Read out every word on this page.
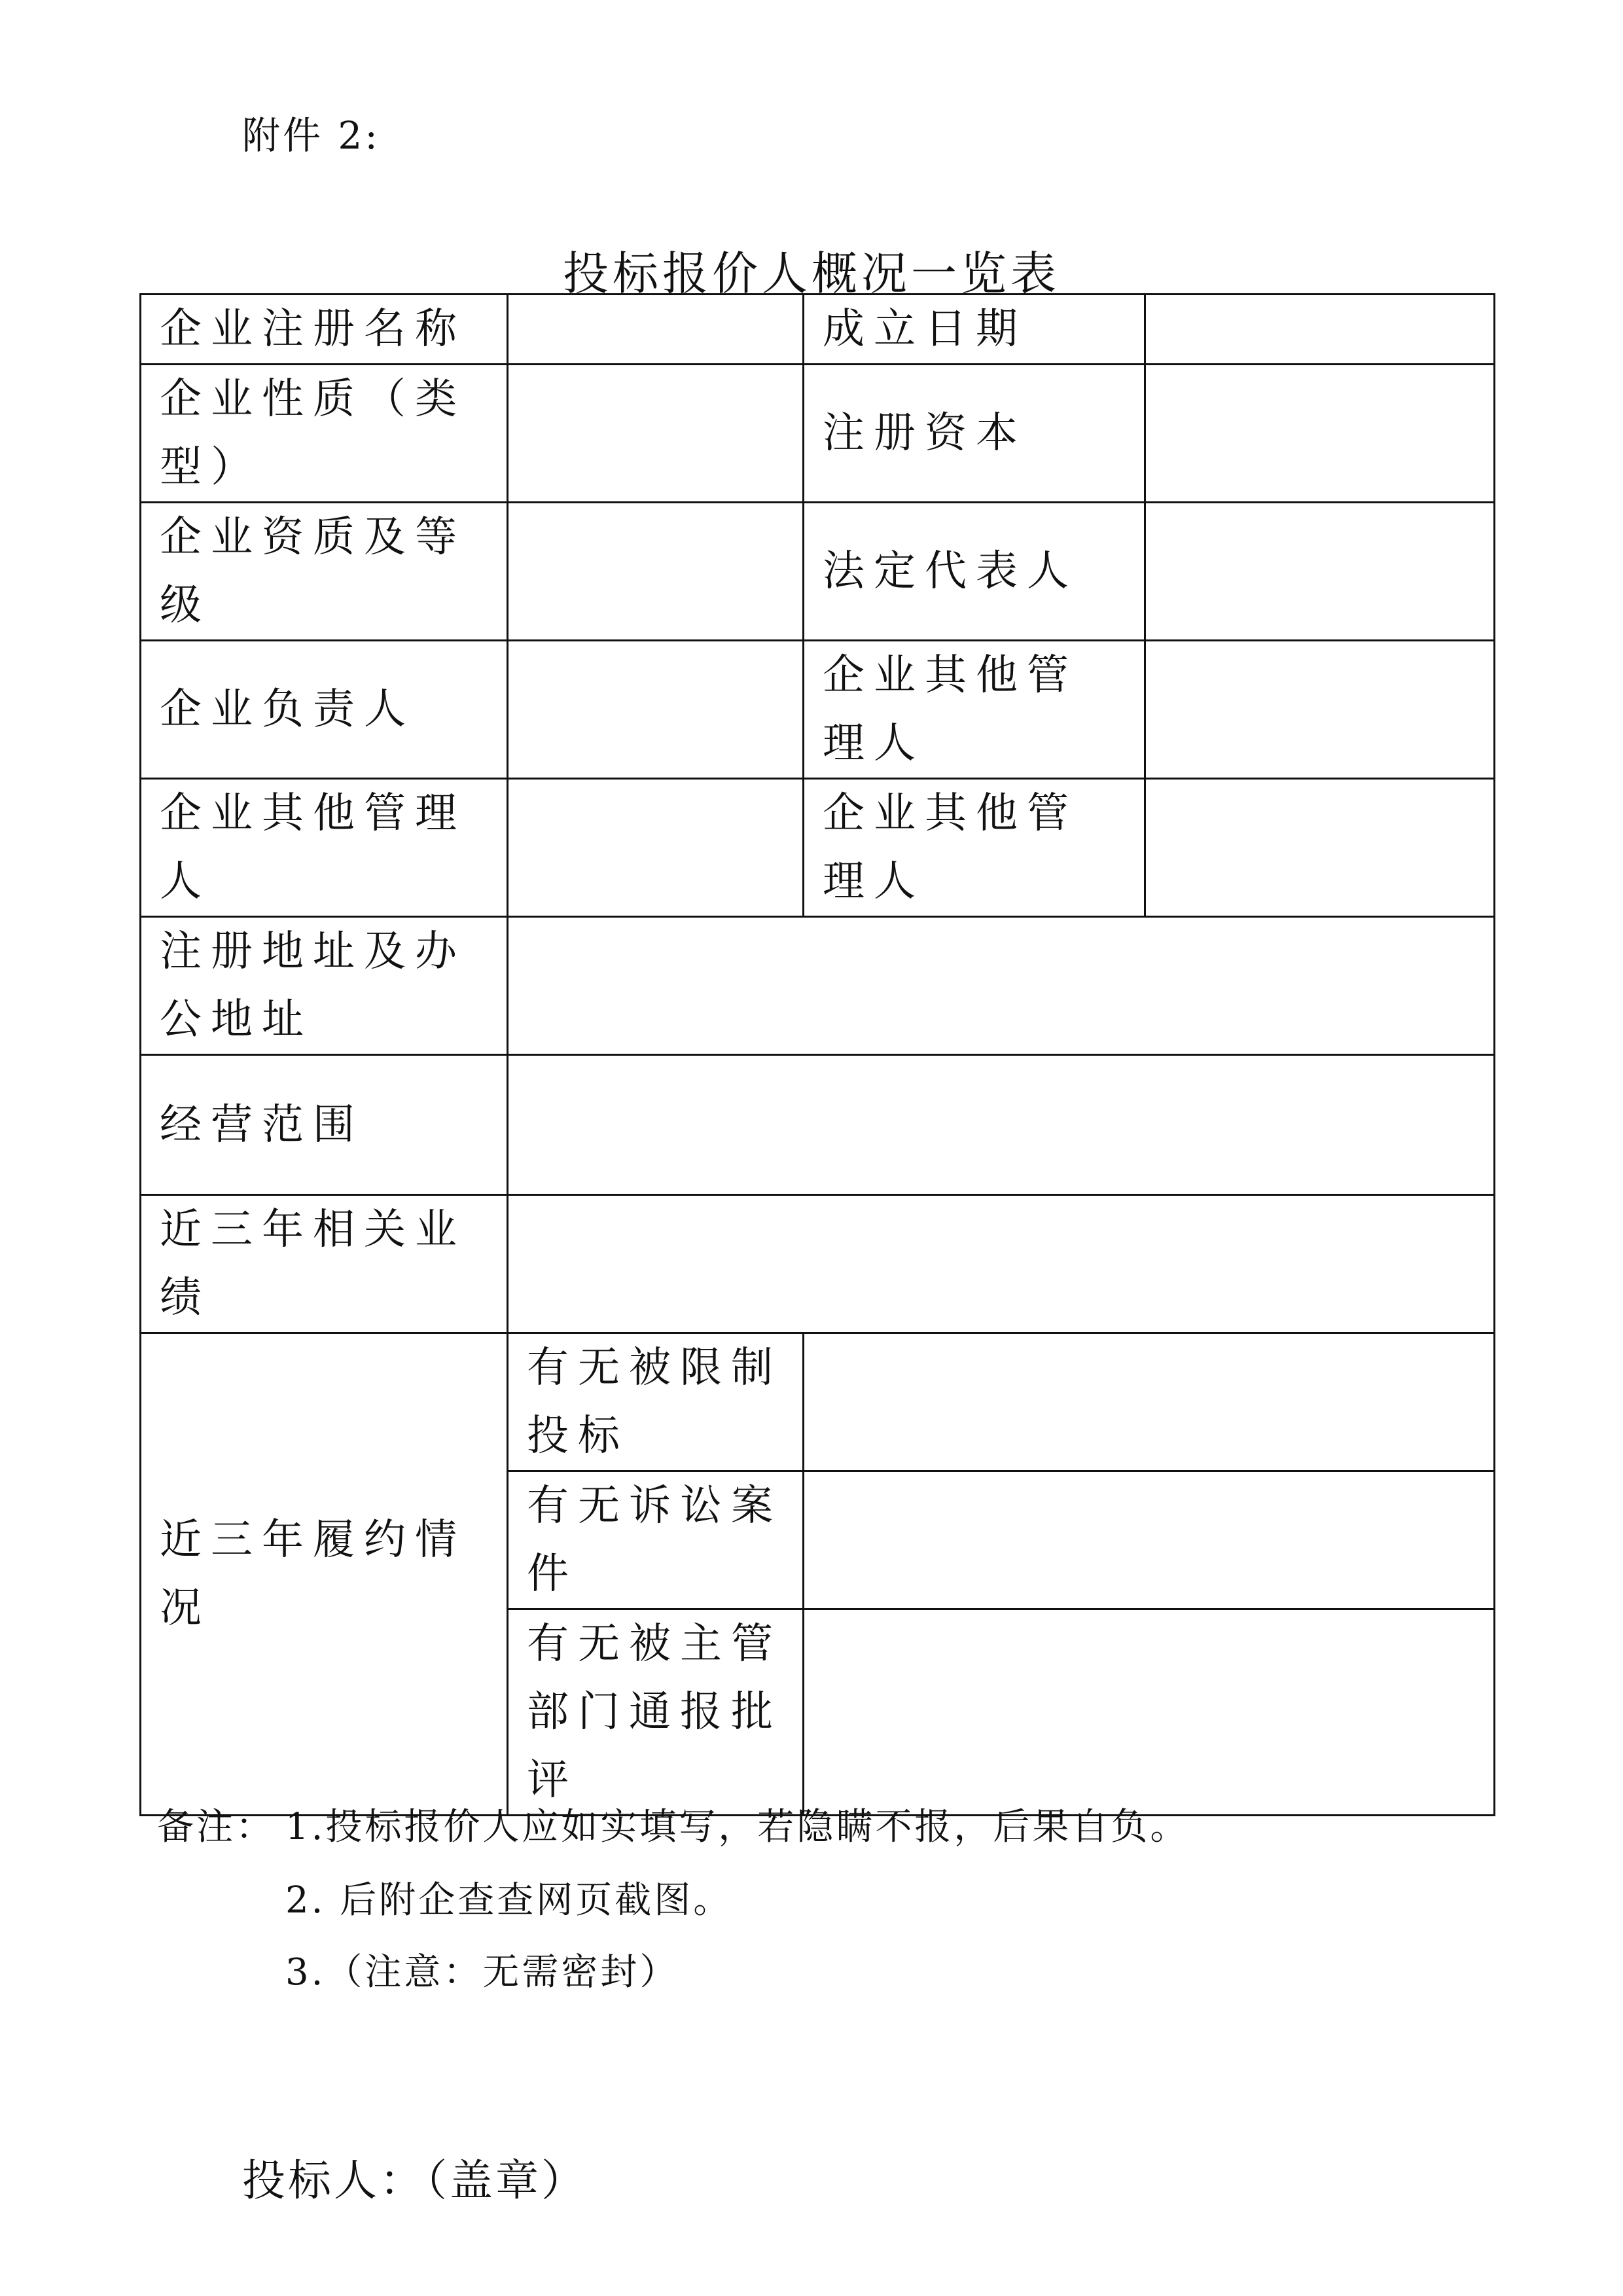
附件 2:
投标报价人概况一览表
企业注册名称		成立日期	
企业性质（类型）		注册资本	
企业资质及等级		法定代表人	
企业负责人		企业其他管理人	
企业其他管理人		企业其他管理人	
注册地址及办公地址			
经营范围			
近三年相关业绩			
近三年履约情况	有无被限制投标		
	有无诉讼案件		
	有无被主管部门通报批评		
备注： 1.投标报价人应如实填写，若隐瞒不报，后果自负。
2. 后附企查查网页截图。
3.（注意：无需密封）
投标人：（盖章）
